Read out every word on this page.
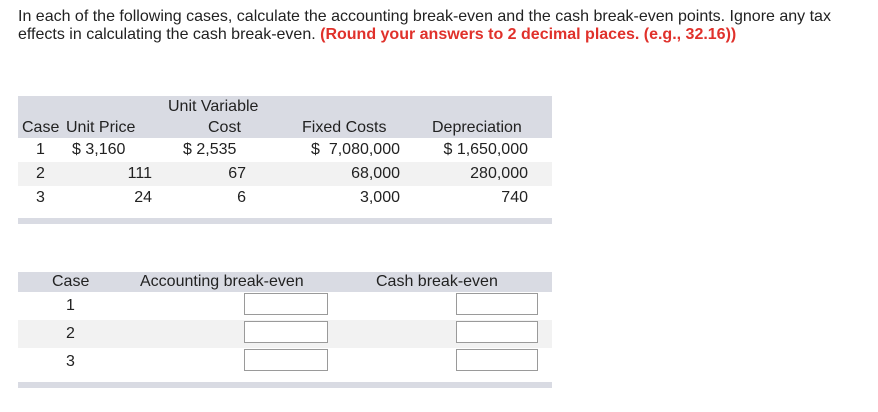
In each of the following cases, calculate the accounting break-even and the cash break-even points. Ignore any tax effects in calculating the cash break-even. (Round your answers to 2 decimal places. (e.g., 32.16))
Case Unit Price
Unit Variable
Cost	Fixed Costs	Depreciation
1 $ 3,160	$ 2,535	$  7,080,000	$ 1,650,000
2	111	67	68,000	280,000
3	24	6	3,000	740
Case	Accounting break-even	Cash break-even
1
2
3
